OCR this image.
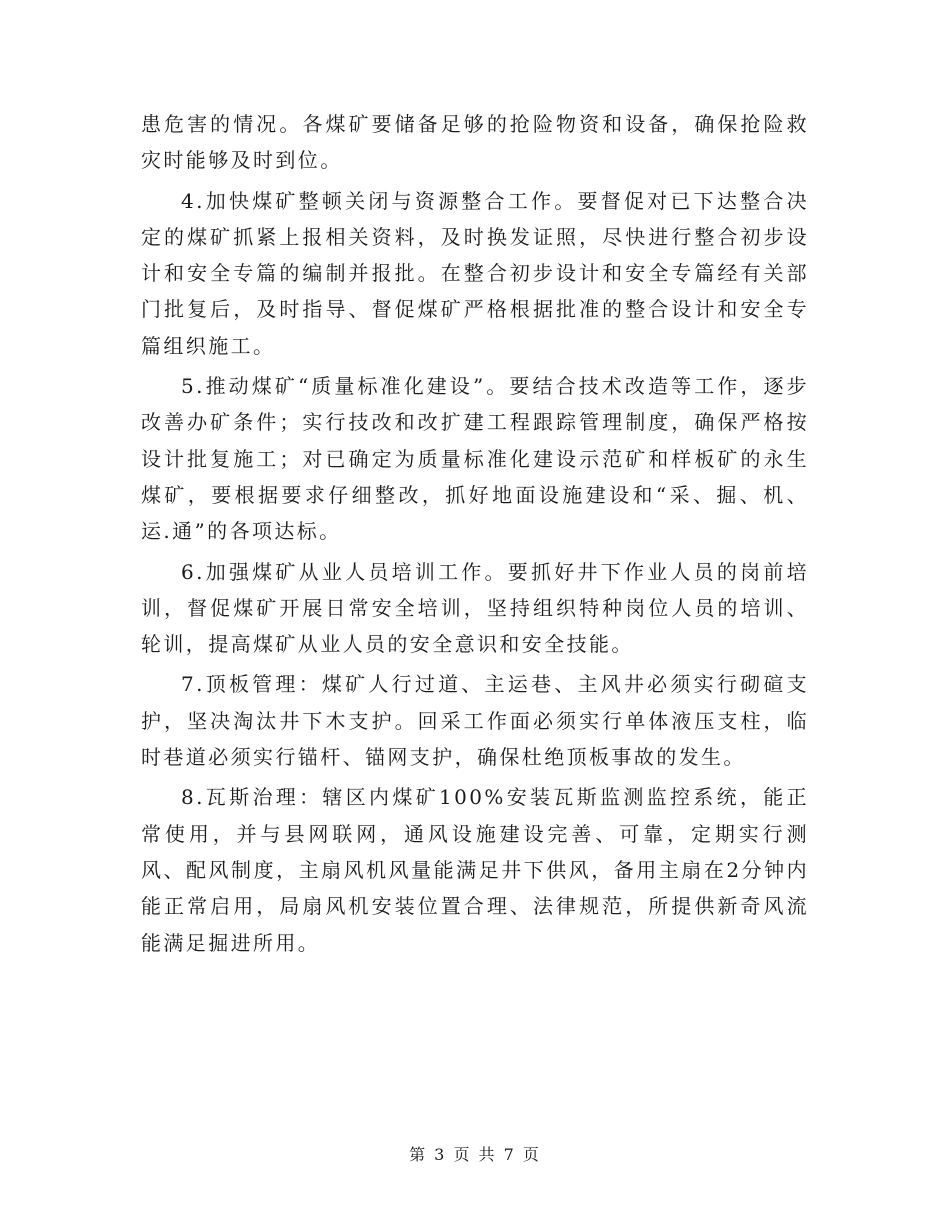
患危害的情况。各煤矿要储备足够的抢险物资和设备，确保抢险救灾时能够及时到位。

4.加快煤矿整顿关闭与资源整合工作。要督促对已下达整合决定的煤矿抓紧上报相关资料，及时换发证照，尽快进行整合初步设计和安全专篇的编制并报批。在整合初步设计和安全专篇经有关部门批复后，及时指导、督促煤矿严格根据批准的整合设计和安全专篇组织施工。

5.推动煤矿“质量标准化建设”。要结合技术改造等工作，逐步改善办矿条件；实行技改和改扩建工程跟踪管理制度，确保严格按设计批复施工；对已确定为质量标准化建设示范矿和样板矿的永生煤矿，要根据要求仔细整改，抓好地面设施建设和“采、掘、机、运.通”的各项达标。

6.加强煤矿从业人员培训工作。要抓好井下作业人员的岗前培训，督促煤矿开展日常安全培训，坚持组织特种岗位人员的培训、轮训，提高煤矿从业人员的安全意识和安全技能。

7.顶板管理：煤矿人行过道、主运巷、主风井必须实行砌碹支护，坚决淘汰井下木支护。回采工作面必须实行单体液压支柱，临时巷道必须实行锚杆、锚网支护，确保杜绝顶板事故的发生。

8.瓦斯治理：辖区内煤矿100%安装瓦斯监测监控系统，能正常使用，并与县网联网，通风设施建设完善、可靠，定期实行测风、配风制度，主扇风机风量能满足井下供风，备用主扇在2分钟内能正常启用，局扇风机安装位置合理、法律规范，所提供新奇风流能满足掘进所用。

第 3 页 共 7 页
